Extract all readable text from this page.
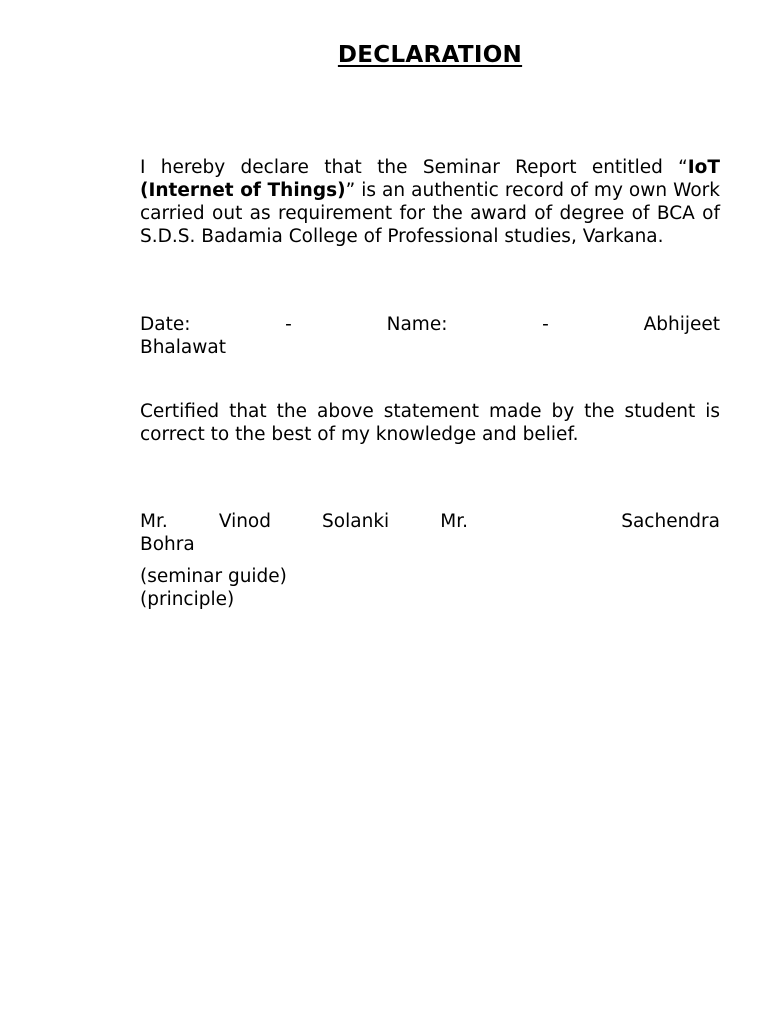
DECLARATION
I hereby declare that the Seminar Report entitled “IoT (Internet of Things)” is an authentic record of my own Work carried out as requirement for the award of degree of BCA of S.D.S. Badamia College of Professional studies, Varkana.
Date: -	Name: - Abhijeet
Bhalawat
Certified that the above statement made by the student is correct to the best of my knowledge and belief.
Mr. Vinod Solanki	Mr.   Sachendra
Bohra
(seminar guide)
(principle)
